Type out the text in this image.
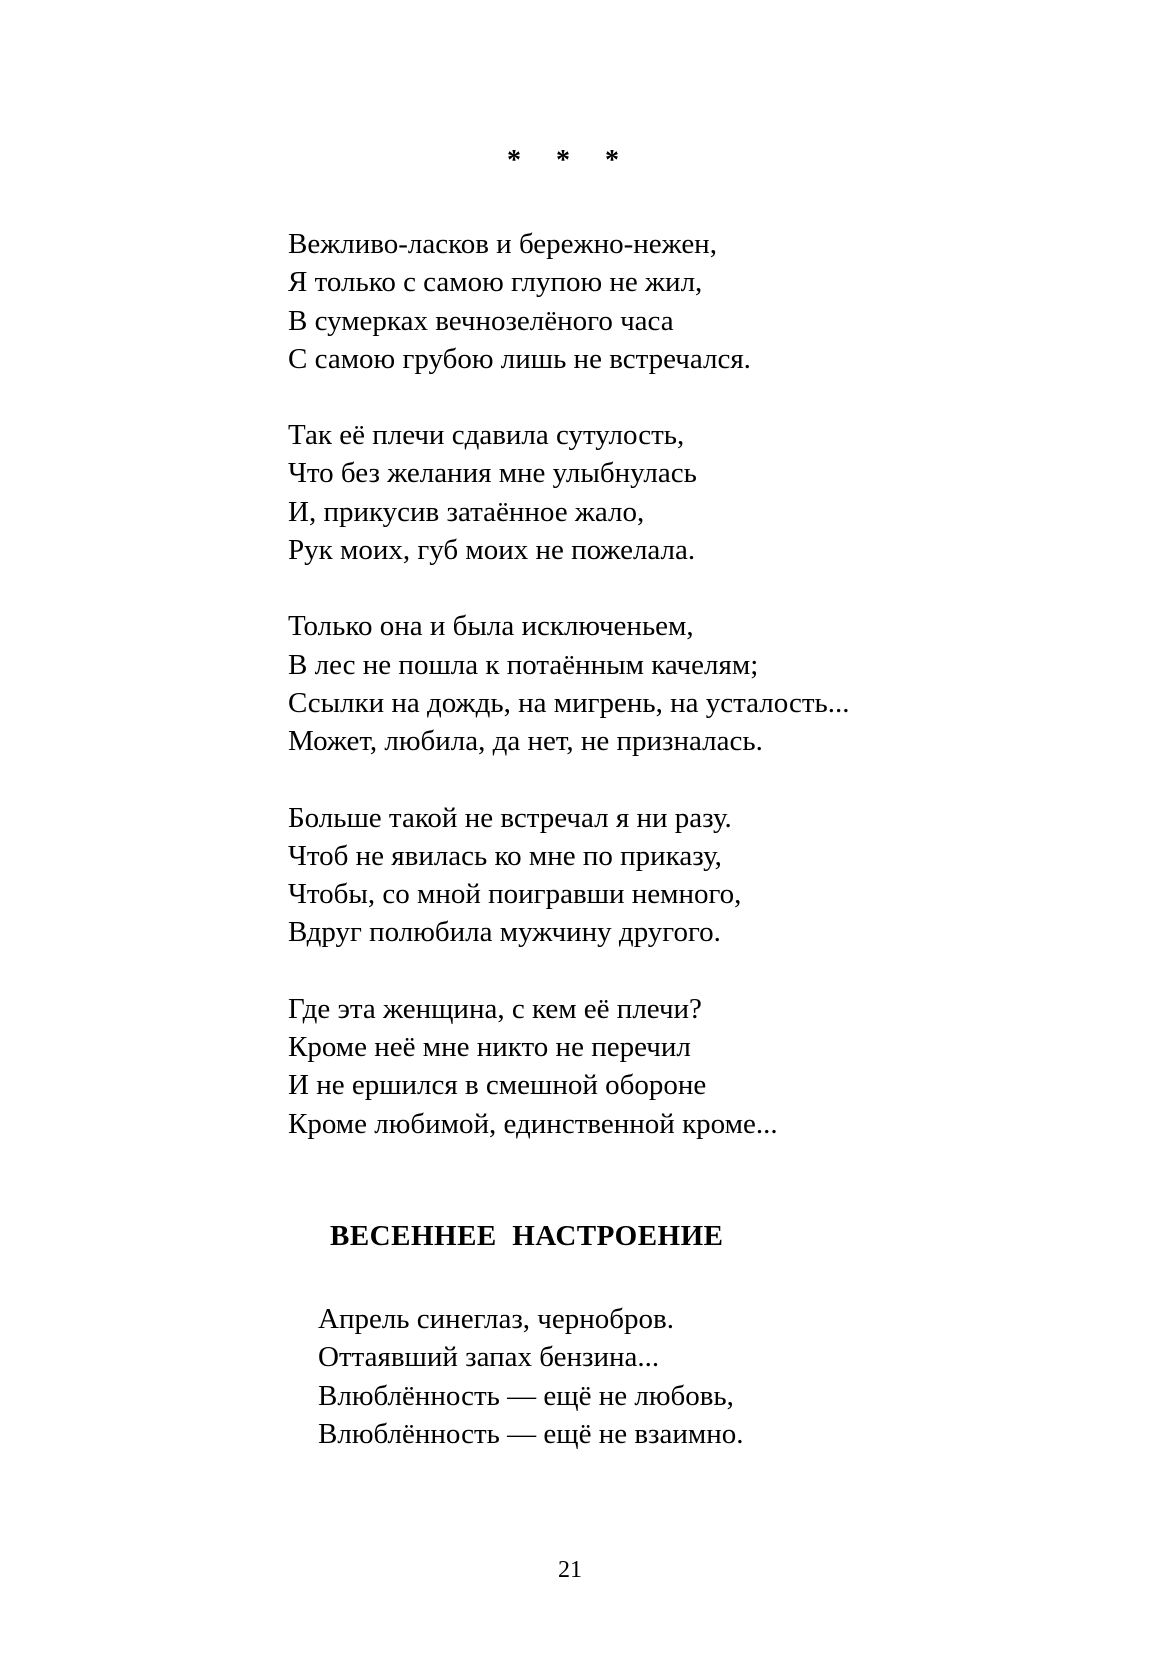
* * *
Вежливо-ласков и бережно-нежен,
Я только с самою глупою не жил,
В сумерках вечнозелёного часа
С самою грубою лишь не встречался.
Так её плечи сдавила сутулость,
Что без желания мне улыбнулась
И, прикусив затаённое жало,
Рук моих, губ моих не пожелала.
Только она и была исключеньем,
В лес не пошла к потаённым качелям;
Ссылки на дождь, на мигрень, на усталость...
Может, любила, да нет, не призналась.
Больше такой не встречал я ни разу.
Чтоб не явилась ко мне по приказу,
Чтобы, со мной поигравши немного,
Вдруг полюбила мужчину другого.
Где эта женщина, с кем её плечи?
Кроме неё мне никто не перечил
И не ершился в смешной обороне
Кроме любимой, единственной кроме...
ВЕСЕННЕЕ  НАСТРОЕНИЕ
Апрель синеглаз, чернобров.
Оттаявший запах бензина...
Влюблённость — ещё не любовь,
Влюблённость — ещё не взаимно.
21
